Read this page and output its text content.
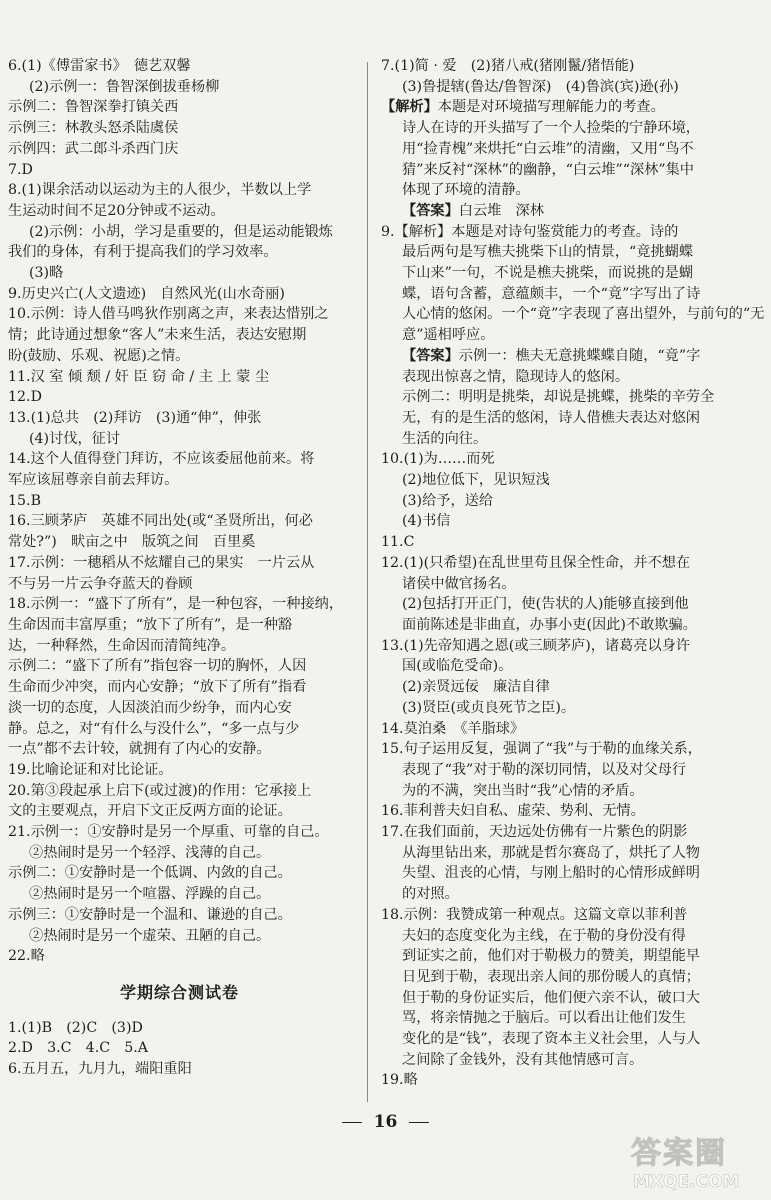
6.(1)《傅雷家书》　德艺双馨
(2)示例一：鲁智深倒拔垂杨柳
示例二：鲁智深拳打镇关西
示例三：林教头怒杀陆虞侯
示例四：武二郎斗杀西门庆
7.D
8.(1)课余活动以运动为主的人很少，半数以上学
生运动时间不足20分钟或不运动。
(2)示例：小胡，学习是重要的，但是运动能锻炼
我们的身体，有利于提高我们的学习效率。
(3)略
9.历史兴亡(人文遗迹)　自然风光(山水奇丽)
10.示例：诗人借马鸣狄作别离之声，来表达惜别之
情；此诗通过想象“客人”未来生活，表达安慰期
盼(鼓励、乐观、祝愿)之情。
11.汉 室 倾 颓 / 奸 臣 窃 命 / 主 上 蒙 尘
12.D
13.(1)总共　(2)拜访　(3)通“伸”，伸张
(4)讨伐，征讨
14.这个人值得登门拜访，不应该委屈他前来。将
军应该屈尊亲自前去拜访。
15.B
16.三顾茅庐　英雄不同出处(或“圣贤所出，何必
常处?”)　畎亩之中　版筑之间　百里奚
17.示例：一穗稻从不炫耀自己的果实　一片云从
不与另一片云争夺蓝天的眷顾
18.示例一：“盛下了所有”，是一种包容，一种接纳，
生命因而丰富厚重；“放下了所有”，是一种豁
达，一种释然，生命因而清简纯净。
示例二：“盛下了所有”指包容一切的胸怀，人因
生命而少冲突，而内心安静；“放下了所有”指看
淡一切的态度，人因淡泊而少纷争，而内心安
静。总之，对“有什么与没什么”，“多一点与少
一点”都不去计较，就拥有了内心的安静。
19.比喻论证和对比论证。
20.第③段起承上启下(或过渡)的作用：它承接上
文的主要观点，开启下文正反两方面的论证。
21.示例一：①安静时是另一个厚重、可靠的自己。
②热闹时是另一个轻浮、浅薄的自己。
示例二：①安静时是一个低调、内敛的自己。
②热闹时是另一个喧嚣、浮躁的自己。
示例三：①安静时是一个温和、谦逊的自己。
②热闹时是另一个虚荣、丑陋的自己。
22.略
学期综合测试卷
1.(1)B　(2)C　(3)D
2.D　3.C　4.C　5.A
6.五月五，九月九，端阳重阳
7.(1)简 · 爱　(2)猪八戒(猪刚鬣/猪悟能)
(3)鲁提辖(鲁达/鲁智深)　(4)鲁滨(宾)逊(孙)
【解析】本题是对环境描写理解能力的考查。
诗人在诗的开头描写了一个人捡柴的宁静环境，
用“捡青槐”来烘托“白云堆”的清幽，又用“鸟不
猜”来反衬“深林”的幽静，“白云堆”“深林”集中
体现了环境的清静。
【答案】白云堆　深林
9.【解析】本题是对诗句鉴赏能力的考查。诗的
最后两句是写樵夫挑柴下山的情景，“竟挑蝴蝶
下山来”一句，不说是樵夫挑柴，而说挑的是蝴
蝶，语句含蓄，意蕴颇丰，一个“竟”字写出了诗
人心情的悠闲。一个“竟”字表现了喜出望外，与前句的“无
意”遥相呼应。
【答案】示例一：樵夫无意挑蝶蝶自随，“竟”字
表现出惊喜之情，隐现诗人的悠闲。
示例二：明明是挑柴，却说是挑蝶，挑柴的辛劳全
无，有的是生活的悠闲，诗人借樵夫表达对悠闲
生活的向往。
10.(1)为……而死
(2)地位低下，见识短浅
(3)给予，送给
(4)书信
11.C
12.(1)(只希望)在乱世里苟且保全性命，并不想在
诸侯中做官扬名。
(2)包括打开正门，使(告状的人)能够直接到他
面前陈述是非曲直，办事小吏(因此)不敢欺骗。
13.(1)先帝知遇之恩(或三顾茅庐)，诸葛亮以身许
国(或临危受命)。
(2)亲贤远佞　廉洁自律
(3)贤臣(或贞良死节之臣)。
14.莫泊桑　《羊脂球》
15.句子运用反复，强调了“我”与于勒的血缘关系，
表现了“我”对于勒的深切同情，以及对父母行
为的不满，突出当时“我”心情的矛盾。
16.菲利普夫妇自私、虚荣、势利、无情。
17.在我们面前，天边远处仿佛有一片紫色的阴影
从海里钻出来，那就是哲尔赛岛了，烘托了人物
失望、沮丧的心情，与刚上船时的心情形成鲜明
的对照。
18.示例：我赞成第一种观点。这篇文章以菲利普
夫妇的态度变化为主线，在于勒的身份没有得
到证实之前，他们对于勒极力的赞美，期望能早
日见到于勒，表现出亲人间的那份暖人的真情；
但于勒的身份证实后，他们便六亲不认，破口大
骂，将亲情抛之于脑后。可以看出让他们发生
变化的是“钱”，表现了资本主义社会里，人与人
之间除了金钱外，没有其他情感可言。
19.略
16
答案圈
MXQE.COM
